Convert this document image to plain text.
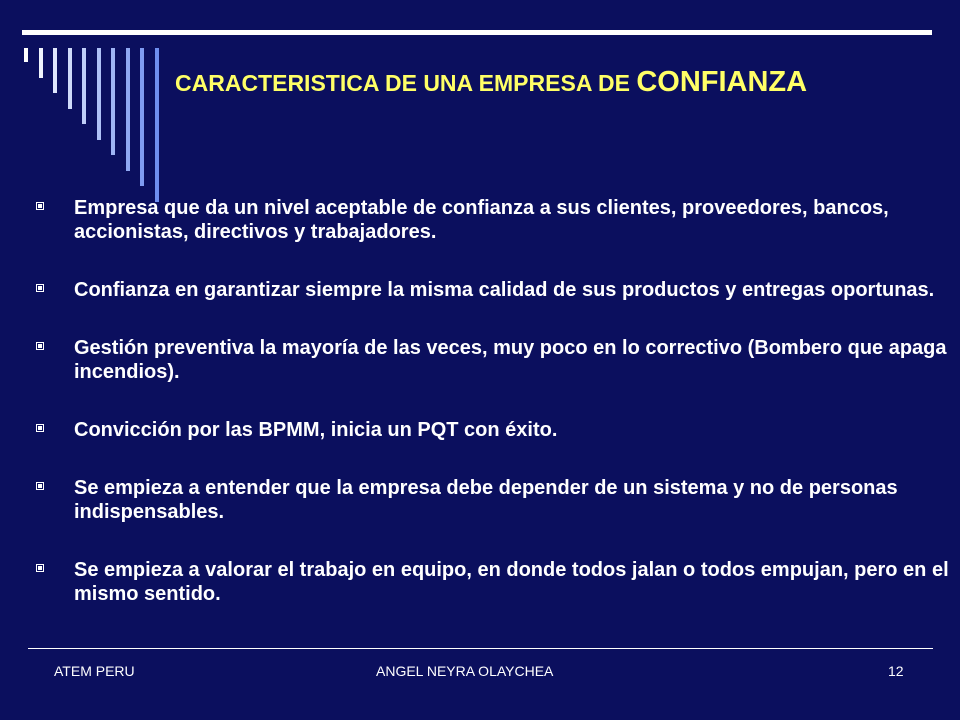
CARACTERISTICA DE UNA EMPRESA DE CONFIANZA
Empresa que da un nivel aceptable de confianza a sus clientes, proveedores, bancos, accionistas, directivos y trabajadores.
Confianza en garantizar siempre la misma calidad de sus productos y entregas oportunas.
Gestión preventiva la mayoría de las veces, muy poco en lo correctivo (Bombero que apaga incendios).
Convicción por las BPMM, inicia un PQT con éxito.
Se empieza a entender que la empresa debe depender de un sistema y no de personas indispensables.
Se empieza a valorar el trabajo en equipo, en donde todos jalan o todos empujan, pero en el mismo sentido.
ATEM PERU	ANGEL NEYRA OLAYCHEA	12
